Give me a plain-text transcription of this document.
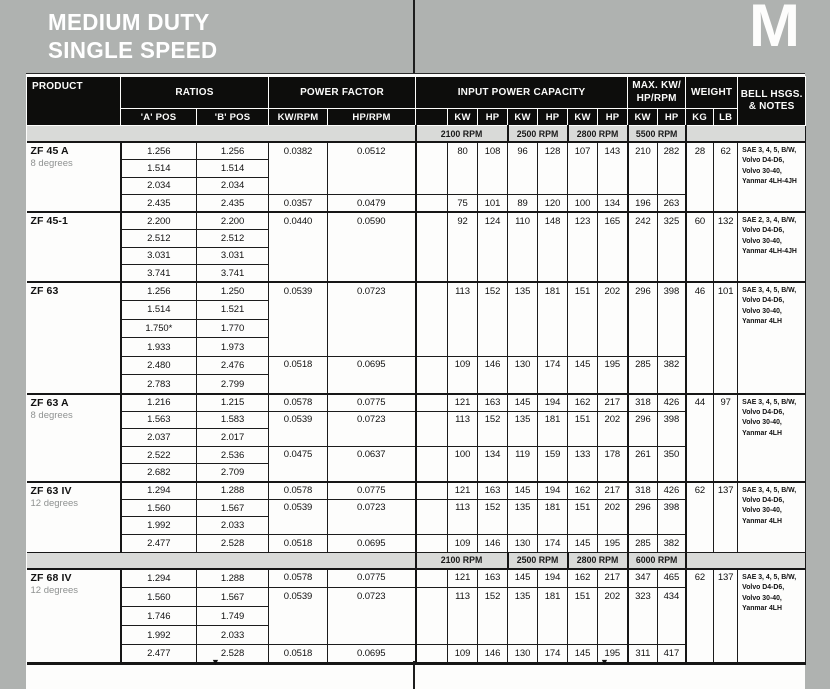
MEDIUM DUTY
SINGLE SPEED	M
PRODUCT	RATIOS		POWER FACTOR		INPUT POWER CAPACITY							MAX. KW/ HP/RPM		WEIGHT		BELL HSGS. & NOTES
	'A' POS	'B' POS	KW/RPM	HP/RPM		KW	HP	KW	HP	KW	HP	KW	HP	KG	LB	
					2100 RPM			2500 RPM		2800 RPM		5500 RPM				

ZF 45 A
8 degrees
	1.256	1.256	0.0382	0.0512		80	108	96	128	107	143	210	282	28	62	SAE 3, 4, 5, B/W,
Volvo D4-D6,
Volvo 30-40,
Yanmar 4LH-4JH

	1.514	1.514														
	2.034	2.034														
	2.435	2.435	0.0357	0.0479		75	101	89	120	100	134	196	263			

ZF 45-1	2.200	2.200	0.0440	0.0590		92	124	110	148	123	165	242	325	60	132	SAE 2, 3, 4, B/W,
Volvo D4-D6,
Volvo 30-40,
Yanmar 4LH-4JH

	2.512	2.512														
	3.031	3.031														
	3.741	3.741														

ZF 63	1.256	1.250	0.0539	0.0723		113	152	135	181	151	202	296	398	46	101	SAE 3, 4, 5, B/W,
Volvo D4-D6,
Volvo 30-40,
Yanmar 4LH

	1.514	1.521														
	1.750*	1.770														
	1.933	1.973														
	2.480	2.476	0.0518	0.0695		109	146	130	174	145	195	285	382			
	2.783	2.799														

ZF 63 A
8 degrees
	1.216	1.215	0.0578	0.0775		121	163	145	194	162	217	318	426	44	97	SAE 3, 4, 5, B/W,
Volvo D4-D6,
Volvo 30-40,
Yanmar 4LH

	1.563	1.583	0.0539	0.0723		113	152	135	181	151	202	296	398			
	2.037	2.017														
	2.522	2.536	0.0475	0.0637		100	134	119	159	133	178	261	350			
	2.682	2.709														

ZF 63 IV
12 degrees
	1.294	1.288	0.0578	0.0775		121	163	145	194	162	217	318	426	62	137	SAE 3, 4, 5, B/W,
Volvo D4-D6,
Volvo 30-40,
Yanmar 4LH

	1.560	1.567	0.0539	0.0723		113	152	135	181	151	202	296	398			
	1.992	2.033														
	2.477	2.528	0.0518	0.0695		109	146	130	174	145	195	285	382			
					2100 RPM			2500 RPM		2800 RPM		6000 RPM				

ZF 68 IV
12 degrees
	1.294	1.288	0.0578	0.0775		121	163	145	194	162	217	347	465	62	137	SAE 3, 4, 5, B/W,
Volvo D4-D6,
Volvo 30-40,
Yanmar 4LH

	1.560	1.567	0.0539	0.0723		113	152	135	181	151	202	323	434			
	1.746	1.749														
	1.992	2.033														
	2.477	2.528	0.0518	0.0695		109	146	130	174	145	195	311	417			
▼	▼
